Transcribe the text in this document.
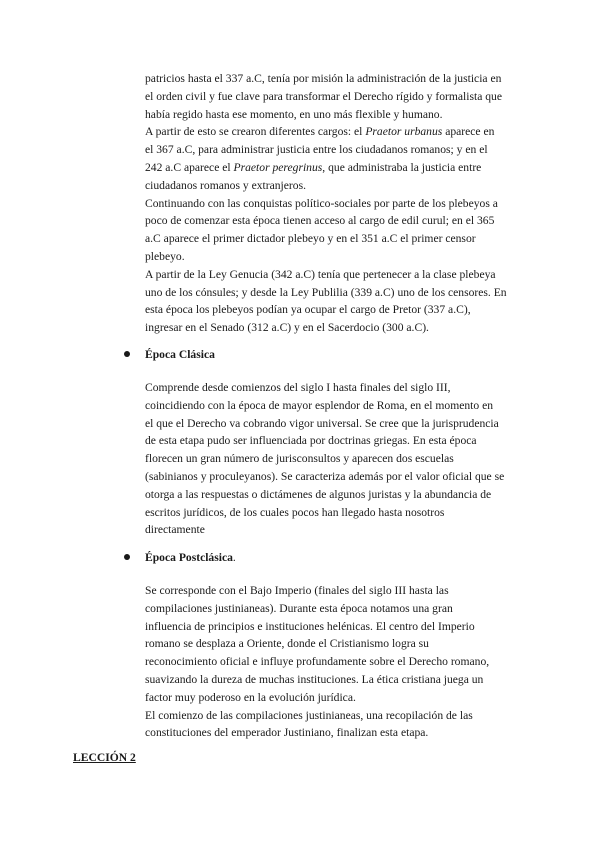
patricios hasta el 337 a.C, tenía por misión la administración de la justicia en
el orden civil y fue clave para transformar el Derecho rígido y formalista que
había regido hasta ese momento, en uno más flexible y humano.
A partir de esto se crearon diferentes cargos: el Praetor urbanus aparece en
el 367 a.C, para administrar justicia entre los ciudadanos romanos; y en el
242 a.C aparece el Praetor peregrinus, que administraba la justicia entre
ciudadanos romanos y extranjeros.
Continuando con las conquistas político-sociales por parte de los plebeyos a
poco de comenzar esta época tienen acceso al cargo de edil curul; en el 365
a.C aparece el primer dictador plebeyo y en el 351 a.C el primer censor
plebeyo.
A partir de la Ley Genucia (342 a.C) tenía que pertenecer a la clase plebeya
uno de los cónsules; y desde la Ley Publilia (339 a.C) uno de los censores. En
esta época los plebeyos podían ya ocupar el cargo de Pretor (337 a.C),
ingresar en el Senado (312 a.C) y en el Sacerdocio (300 a.C).
Época Clásica
Comprende desde comienzos del siglo I hasta finales del siglo III,
coincidiendo con la época de mayor esplendor de Roma, en el momento en
el que el Derecho va cobrando vigor universal. Se cree que la jurisprudencia
de esta etapa pudo ser influenciada por doctrinas griegas. En esta época
florecen un gran número de jurisconsultos y aparecen dos escuelas
(sabinianos y proculeyanos). Se caracteriza además por el valor oficial que se
otorga a las respuestas o dictámenes de algunos juristas y la abundancia de
escritos jurídicos, de los cuales pocos han llegado hasta nosotros
directamente
Época Postclásica.
Se corresponde con el Bajo Imperio (finales del siglo III hasta las
compilaciones justinianeas). Durante esta época notamos una gran
influencia de principios e instituciones helénicas. El centro del Imperio
romano se desplaza a Oriente, donde el Cristianismo logra su
reconocimiento oficial e influye profundamente sobre el Derecho romano,
suavizando la dureza de muchas instituciones. La ética cristiana juega un
factor muy poderoso en la evolución jurídica.
El comienzo de las compilaciones justinianeas, una recopilación de las
constituciones del emperador Justiniano, finalizan esta etapa.
LECCIÓN 2
